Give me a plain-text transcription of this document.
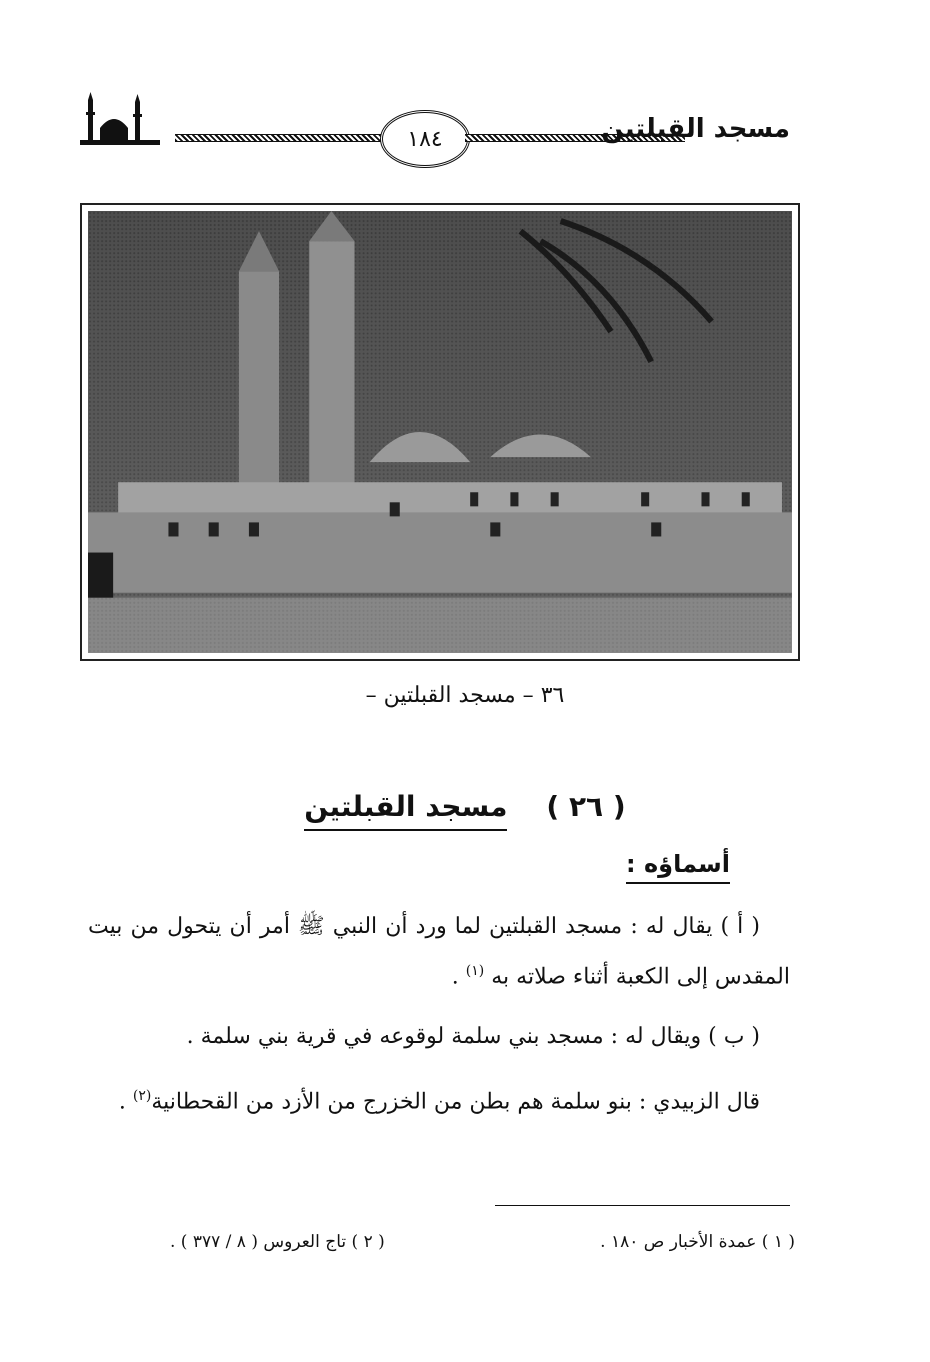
١٨٤	مسجد القبلتين
٣٦ – مسجد القبلتين –
( ٢٦ )    مسجد القبلتين
أسماؤه :
( أ ) يقال له : مسجد القبلتين لما ورد أن النبي ﷺ أمر أن يتحول من بيت المقدس إلى الكعبة أثناء صلاته به $^{(١)}$ .
( ب ) ويقال له : مسجد بني سلمة لوقوعه في قرية بني سلمة .
قال الزبيدي : بنو سلمة هم بطن من الخزرج من الأزد من القحطانية$^{(٢)}$ .
( ١ ) عمدة الأخبار ص ١٨٠ .
( ٢ ) تاج العروس ( ٨ / ٣٧٧ ) .
